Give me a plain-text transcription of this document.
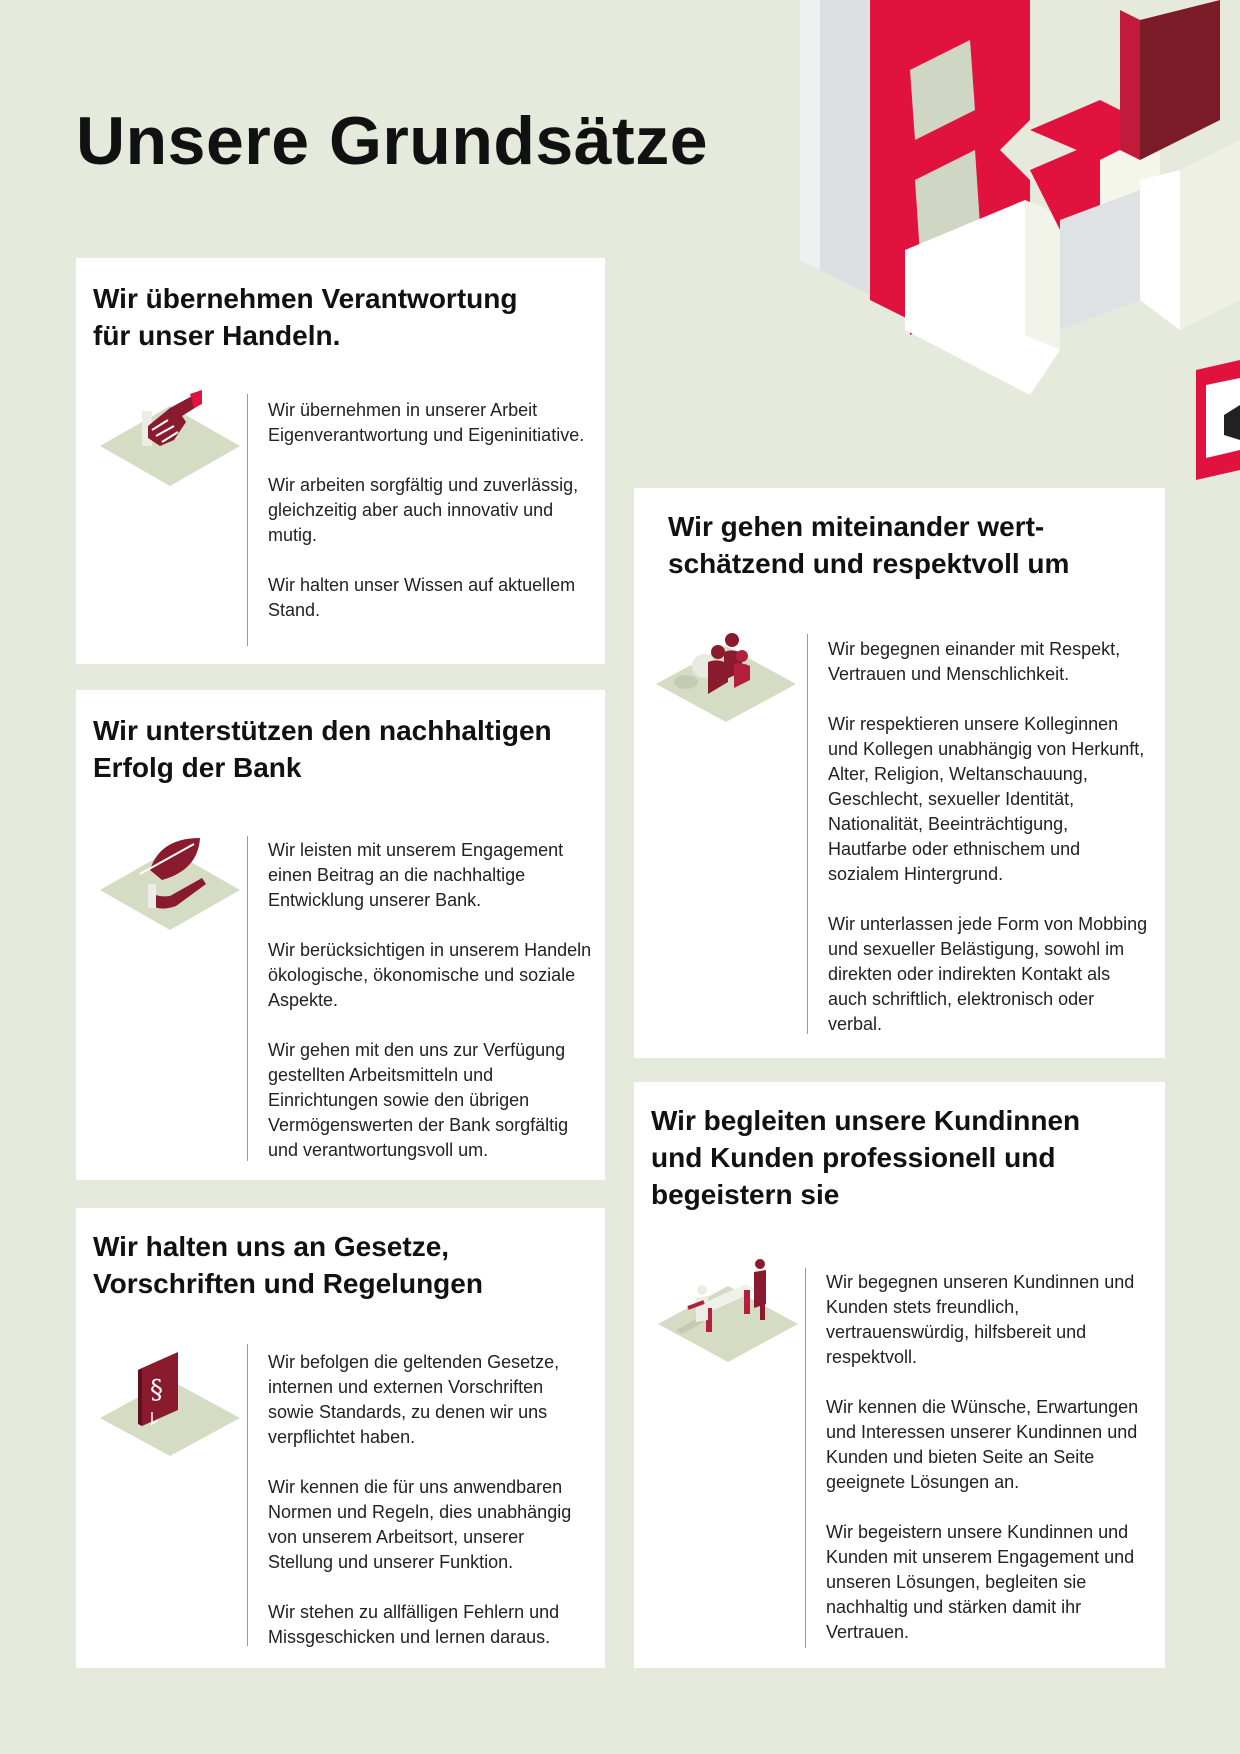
Unsere Grundsätze
Wir übernehmen Verantwortung
für unser Handeln.

Wir übernehmen in unserer Arbeit Eigenverantwortung und Eigeninitiative.

Wir arbeiten sorgfältig und zuverlässig, gleichzeitig aber auch innovativ und mutig.

Wir halten unser Wissen auf aktuellem Stand.

Wir unterstützen den nachhaltigen
Erfolg der Bank

Wir leisten mit unserem Engagement einen Beitrag an die nachhaltige Entwicklung unserer Bank.

Wir berücksichtigen in unserem Handeln ökologische, ökonomische und soziale Aspekte.

Wir gehen mit den uns zur Verfügung gestellten Arbeitsmitteln und Einrichtungen sowie den übrigen Vermögenswerten der Bank sorgfältig und verantwortungsvoll um.

Wir halten uns an Gesetze,
Vorschriften und Regelungen
§

Wir befolgen die geltenden Gesetze, internen und externen Vorschriften sowie Standards, zu denen wir uns verpflichtet haben.

Wir kennen die für uns anwendbaren Normen und Regeln, dies unabhängig von unserem Arbeitsort, unserer Stellung und unserer Funktion.

Wir stehen zu allfälligen Fehlern und Missgeschicken und lernen daraus.

Wir gehen miteinander wert-
schätzend und respektvoll um

Wir begegnen einander mit Respekt, Vertrauen und Menschlichkeit.

Wir respektieren unsere Kolleginnen und Kollegen unabhängig von Herkunft, Alter, Religion, Weltanschauung, Geschlecht, sexueller Identität, Nationalität, Beeinträchtigung, Hautfarbe oder ethnischem und sozialem Hintergrund.

Wir unterlassen jede Form von Mobbing und sexueller Belästigung, sowohl im direkten oder indirekten Kontakt als auch schriftlich, elektronisch oder verbal.

Wir begleiten unsere Kundinnen
und Kunden professionell und
begeistern sie

Wir begegnen unseren Kundinnen und Kunden stets freundlich, vertrauenswürdig, hilfsbereit und respektvoll.

Wir kennen die Wünsche, Erwartungen und Interessen unserer Kundinnen und Kunden und bieten Seite an Seite geeignete Lösungen an.

Wir begeistern unsere Kundinnen und Kunden mit unserem Engagement und unseren Lösungen, begleiten sie nachhaltig und stärken damit ihr Vertrauen.
